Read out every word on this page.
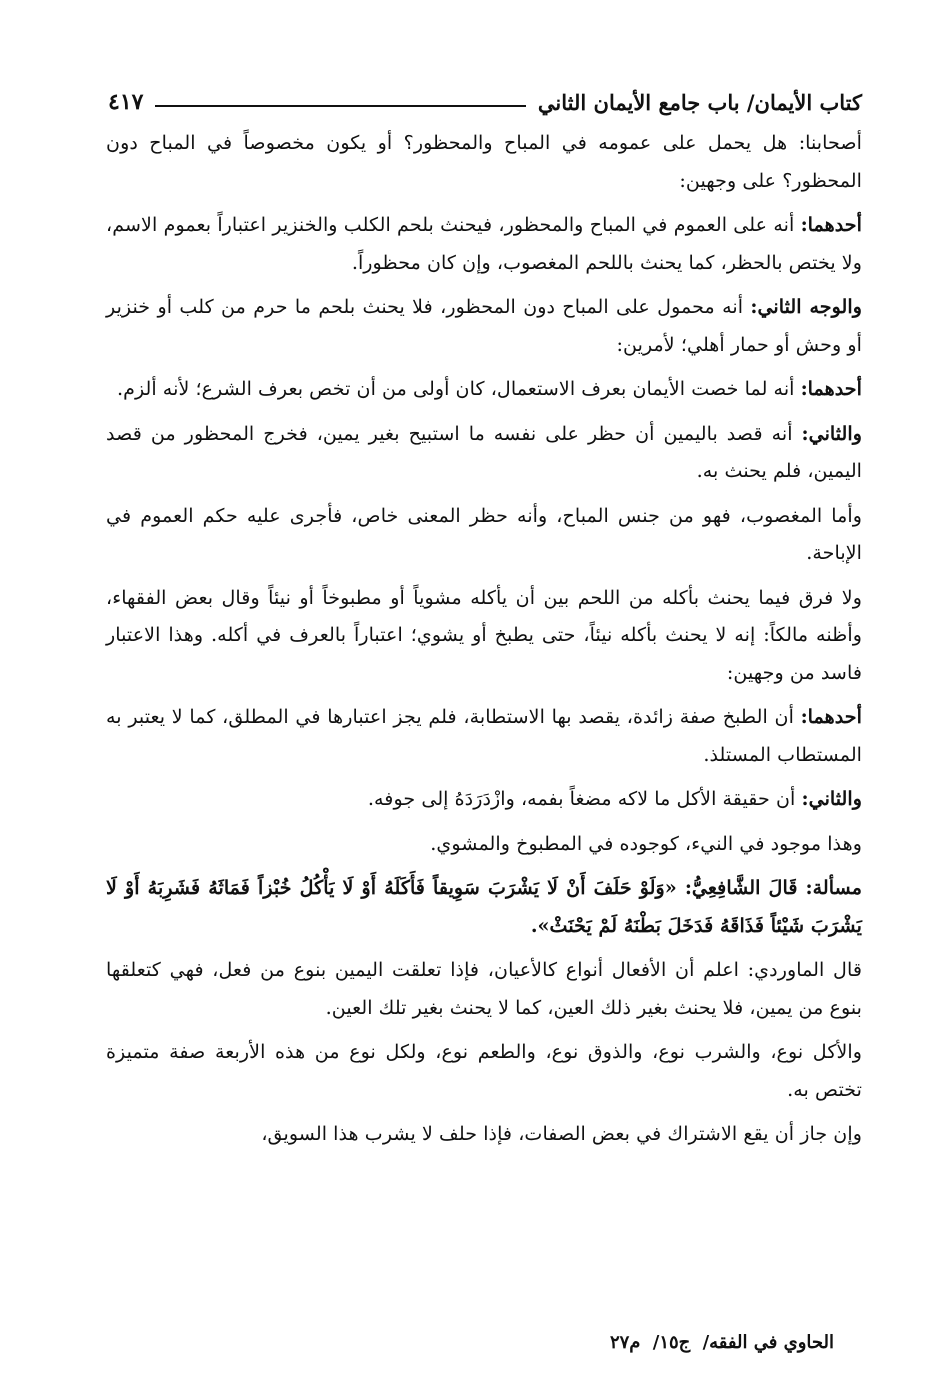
كتاب الأيمان/ باب جامع الأيمان الثاني
٤١٧

أصحابنا: هل يحمل على عمومه في المباح والمحظور؟ أو يكون مخصوصاً في المباح دون المحظور؟ على وجهين:

أحدهما: أنه على العموم في المباح والمحظور، فيحنث بلحم الكلب والخنزير اعتباراً بعموم الاسم، ولا يختص بالحظر، كما يحنث باللحم المغصوب، وإن كان محظوراً.

والوجه الثاني: أنه محمول على المباح دون المحظور، فلا يحنث بلحم ما حرم من كلب أو خنزير أو وحش أو حمار أهلي؛ لأمرين:

أحدهما: أنه لما خصت الأيمان بعرف الاستعمال، كان أولى من أن تخص بعرف الشرع؛ لأنه ألزم.

والثاني: أنه قصد باليمين أن حظر على نفسه ما استبيح بغير يمين، فخرج المحظور من قصد اليمين، فلم يحنث به.

وأما المغصوب، فهو من جنس المباح، وأنه حظر المعنى خاص، فأجرى عليه حكم العموم في الإباحة.

ولا فرق فيما يحنث بأكله من اللحم بين أن يأكله مشوياً أو مطبوخاً أو نيئاً وقال بعض الفقهاء، وأظنه مالكاً: إنه لا يحنث بأكله نيئاً، حتى يطبخ أو يشوي؛ اعتباراً بالعرف في أكله. وهذا الاعتبار فاسد من وجهين:

أحدهما: أن الطبخ صفة زائدة، يقصد بها الاستطابة، فلم يجز اعتبارها في المطلق، كما لا يعتبر به المستطاب المستلذ.

والثاني: أن حقيقة الأكل ما لاكه مضغاً بفمه، وازْدَرَدَهُ إلى جوفه.

وهذا موجود في النيء، كوجوده في المطبوخ والمشوي.

مسألة: قَالَ الشَّافِعِيُّ: «وَلَوْ حَلَفَ أَنْ لَا يَشْرَبَ سَوِيقاً فَأَكَلَهُ أَوْ لَا يَأْكُلُ خُبْزاً فَمَاثَهُ فَشَرِبَهُ أَوْ لَا يَشْرَبَ شَيْئاً فَذَاقَهُ فَدَخَلَ بَطْنَهُ لَمْ يَحْنَثْ».

قال الماوردي: اعلم أن الأفعال أنواع كالأعيان، فإذا تعلقت اليمين بنوع من فعل، فهي كتعلقها بنوع من يمين، فلا يحنث بغير ذلك العين، كما لا يحنث بغير تلك العين.

والأكل نوع، والشرب نوع، والذوق نوع، والطعم نوع، ولكل نوع من هذه الأربعة صفة متميزة تختص به.

وإن جاز أن يقع الاشتراك في بعض الصفات، فإذا حلف لا يشرب هذا السويق،

الحاوي في الفقه/ ج١٥/ م٢٧
